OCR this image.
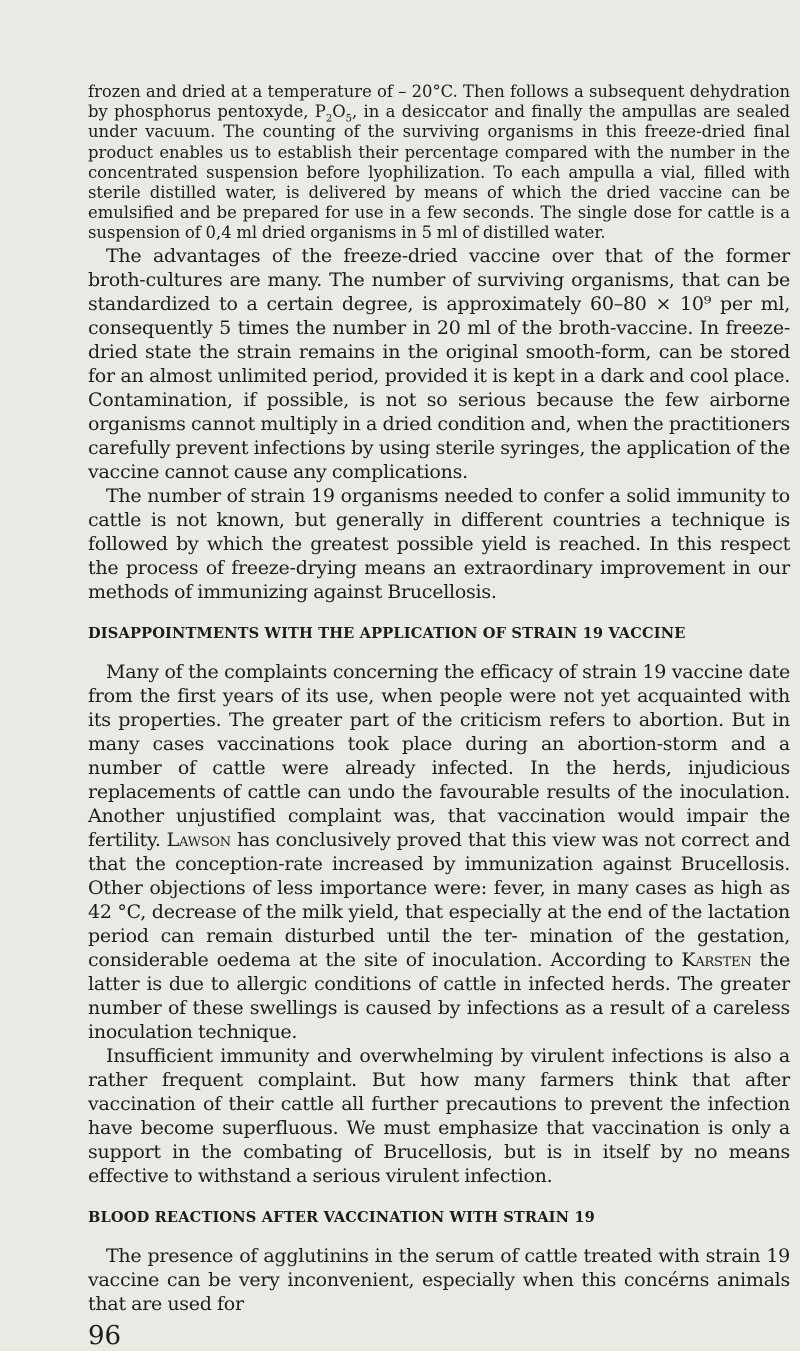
frozen and dried at a temperature of – 20°C. Then follows a subsequent dehydration by phosphorus pentoxyde, $P_2O_5$, in a desiccator and finally the ampullas are sealed under vacuum. The counting of the surviving organisms in this freeze-dried final product enables us to establish their percentage compared with the number in the concentrated suspension before lyophilization. To each ampulla a vial, filled with sterile distilled water, is delivered by means of which the dried vaccine can be emulsified and be prepared for use in a few seconds. The single dose for cattle is a suspension of 0,4 ml dried organisms in 5 ml of distilled water.

The advantages of the freeze-dried vaccine over that of the former broth-cultures are many. The number of surviving organisms, that can be standardized to a certain degree, is approximately 60–80 × 10⁹ per ml, consequently 5 times the number in 20 ml of the broth-vaccine. In freeze-dried state the strain remains in the original smooth-form, can be stored for an almost unlimited period, provided it is kept in a dark and cool place. Contamination, if possible, is not so serious because the few airborne organisms cannot multiply in a dried condition and, when the practitioners carefully prevent infections by using sterile syringes, the application of the vaccine cannot cause any complications.

The number of strain 19 organisms needed to confer a solid immunity to cattle is not known, but generally in different countries a technique is followed by which the greatest possible yield is reached. In this respect the process of freeze-drying means an extraordinary improvement in our methods of immunizing against Brucellosis.

DISAPPOINTMENTS WITH THE APPLICATION OF STRAIN 19 VACCINE

Many of the complaints concerning the efficacy of strain 19 vaccine date from the first years of its use, when people were not yet acquainted with its properties. The greater part of the criticism refers to abortion. But in many cases vaccinations took place during an abortion-storm and a number of cattle were already infected. In the herds, injudicious replacements of cattle can undo the favourable results of the inoculation. Another unjustified complaint was, that vaccination would impair the fertility. Lawson has conclusively proved that this view was not correct and that the conception-rate increased by immunization against Brucellosis. Other objections of less importance were: fever, in many cases as high as 42 °C, decrease of the milk yield, that especially at the end of the lactation period can remain disturbed until the ter- mination of the gestation, considerable oedema at the site of inoculation. According to Karsten the latter is due to allergic conditions of cattle in infected herds. The greater number of these swellings is caused by infections as a result of a careless inoculation technique.

Insufficient immunity and overwhelming by virulent infections is also a rather frequent complaint. But how many farmers think that after vaccination of their cattle all further precautions to prevent the infection have become superfluous. We must emphasize that vaccination is only a support in the combating of Brucellosis, but is in itself by no means effective to withstand a serious virulent infection.

BLOOD REACTIONS AFTER VACCINATION WITH STRAIN 19

The presence of agglutinins in the serum of cattle treated with strain 19 vaccine can be very inconvenient, especially when this concérns animals that are used for

96
